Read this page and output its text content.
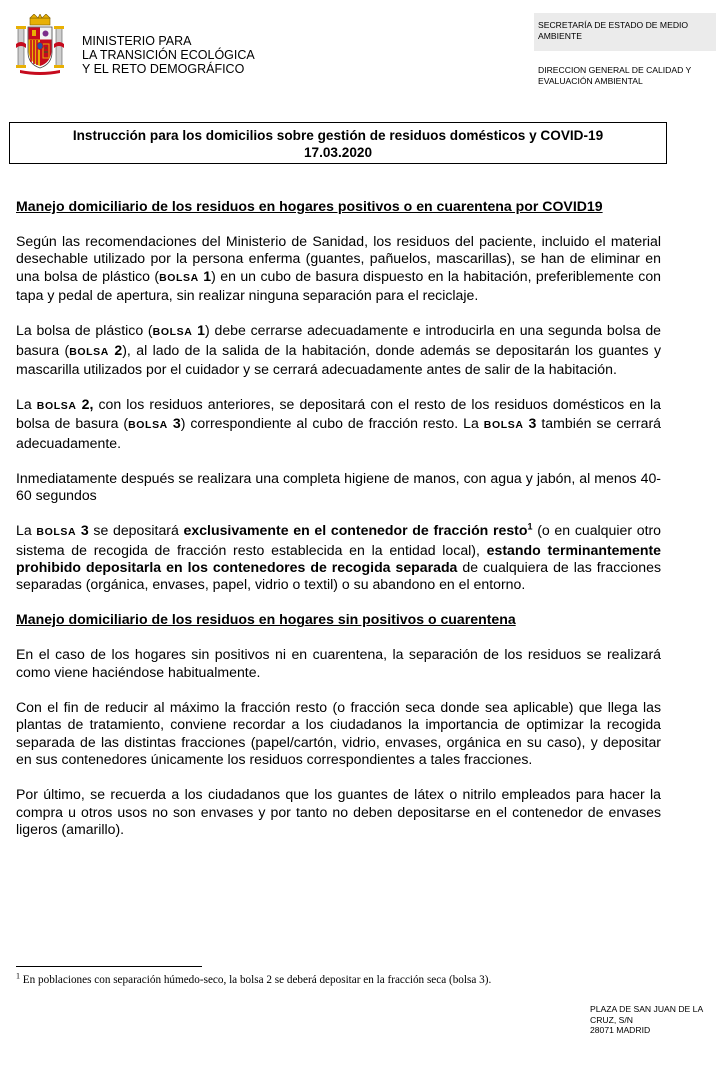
MINISTERIO PARA
LA TRANSICIÓN ECOLÓGICA
Y EL RETO DEMOGRÁFICO
SECRETARÍA DE ESTADO DE MEDIO AMBIENTE
DIRECCION GENERAL DE CALIDAD Y EVALUACIÓN AMBIENTAL
Instrucción para los domicilios sobre gestión de residuos domésticos y COVID-19
17.03.2020

Manejo domiciliario de los residuos en hogares positivos o en cuarentena por COVID19

Según las recomendaciones del Ministerio de Sanidad, los residuos del paciente, incluido el material desechable utilizado por la persona enferma (guantes, pañuelos, mascarillas), se han de eliminar en una bolsa de plástico (BOLSA 1) en un cubo de basura dispuesto en la habitación, preferiblemente con tapa y pedal de apertura, sin realizar ninguna separación para el reciclaje.

La bolsa de plástico (BOLSA 1) debe cerrarse adecuadamente e introducirla en una segunda bolsa de basura (BOLSA 2), al lado de la salida de la habitación, donde además se depositarán los guantes y mascarilla utilizados por el cuidador y se cerrará adecuadamente antes de salir de la habitación.

La BOLSA 2, con los residuos anteriores, se depositará con el resto de los residuos domésticos en la bolsa de basura (BOLSA 3) correspondiente al cubo de fracción resto. La BOLSA 3 también se cerrará adecuadamente.

Inmediatamente después se realizara una completa higiene de manos, con agua y jabón, al menos 40-60 segundos

La BOLSA 3 se depositará exclusivamente en el contenedor de fracción resto$^1$ (o en cualquier otro sistema de recogida de fracción resto establecida en la entidad local), estando terminantemente prohibido depositarla en los contenedores de recogida separada de cualquiera de las fracciones separadas (orgánica, envases, papel, vidrio o textil) o su abandono en el entorno.

Manejo domiciliario de los residuos en hogares sin positivos o cuarentena

En el caso de los hogares sin positivos ni en cuarentena, la separación de los residuos se realizará como viene haciéndose habitualmente.

Con el fin de reducir al máximo la fracción resto (o fracción seca donde sea aplicable) que llega las plantas de tratamiento, conviene recordar a los ciudadanos la importancia de optimizar la recogida separada de las distintas fracciones (papel/cartón, vidrio, envases, orgánica en su caso), y depositar en sus contenedores únicamente los residuos correspondientes a tales fracciones.

Por último, se recuerda a los ciudadanos que los guantes de látex o nitrilo empleados para hacer la compra u otros usos no son envases y por tanto no deben depositarse en el contenedor de envases ligeros (amarillo).

$^1$ En poblaciones con separación húmedo-seco, la bolsa 2 se deberá depositar en la fracción seca (bolsa 3).
PLAZA DE SAN JUAN DE LA CRUZ, S/N
28071 MADRID
